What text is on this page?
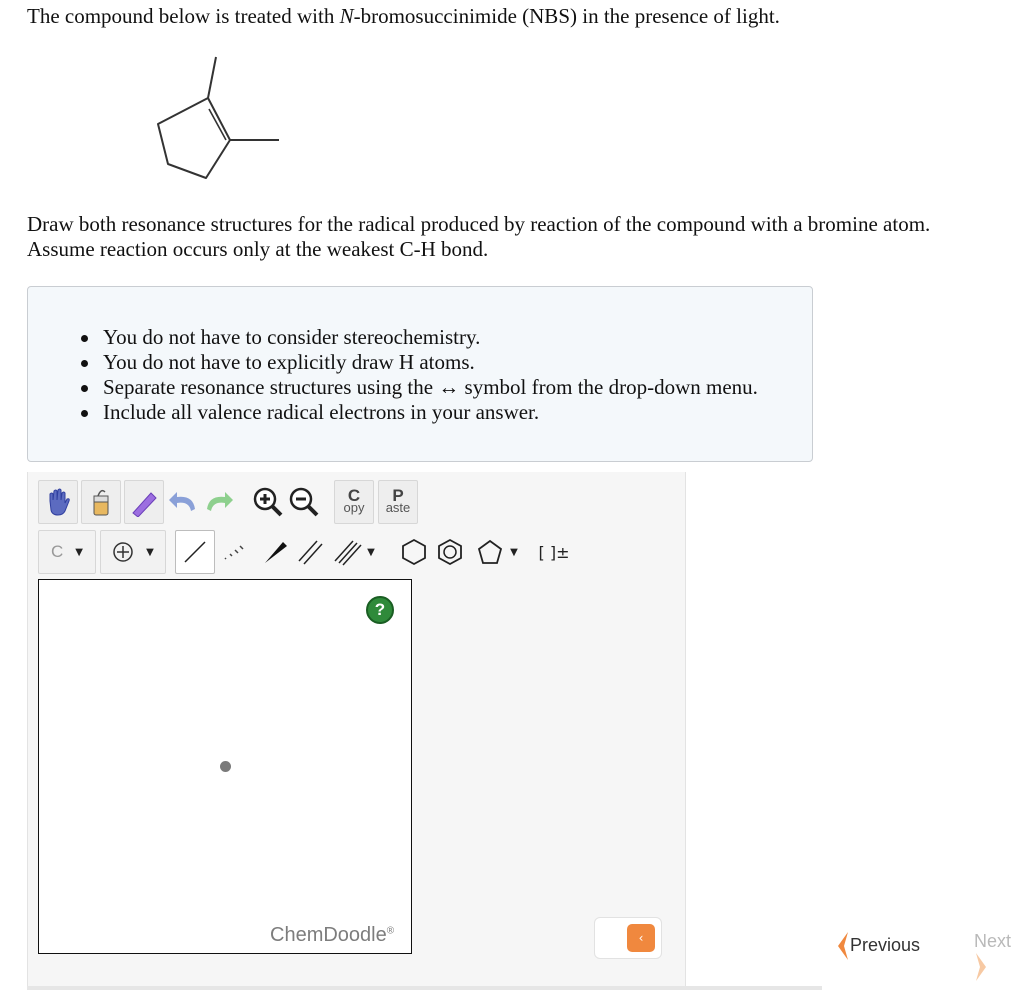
The compound below is treated with N-bromosuccinimide (NBS) in the presence of light.

Draw both resonance structures for the radical produced by reaction of the compound with a bromine atom.
Assume reaction occurs only at the weakest C-H bond.

You do not have to consider stereochemistry.
You do not have to explicitly draw H atoms.
Separate resonance structures using the ↔ symbol from the drop-down menu.
Include all valence radical electrons in your answer.
C
opy
P
aste
C ▼	▼	▼	▼ [ ]±
?
ChemDoodle®	‹	Previous	Next
